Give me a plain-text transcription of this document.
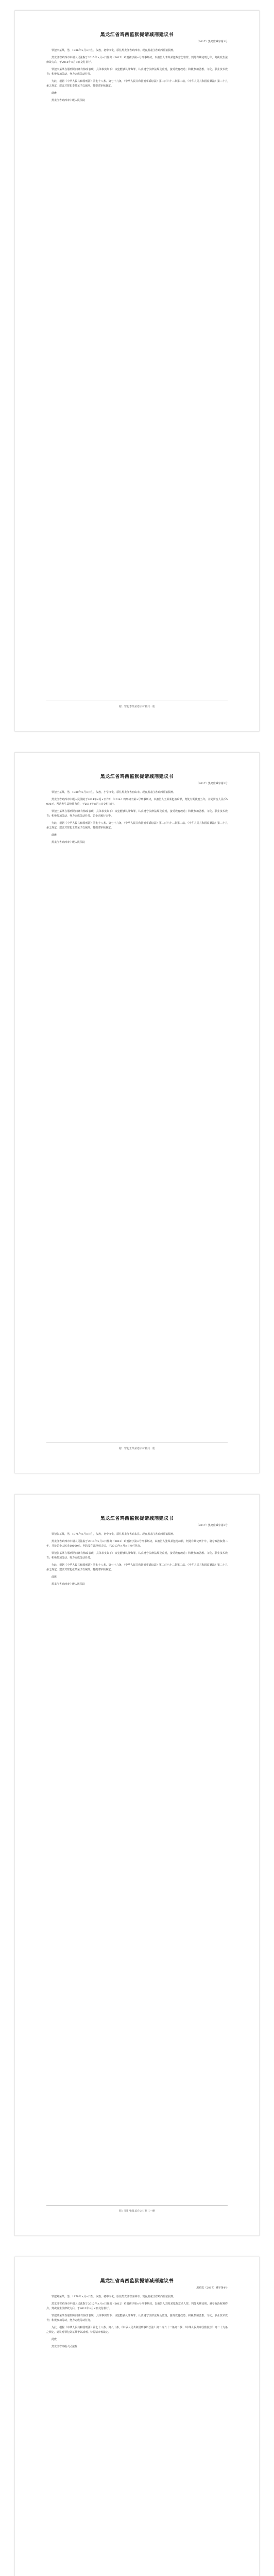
黑龙江省鸡西监狱提请减刑建议书
（2017）黑鸡监减字第1号

罪犯李某某，男，1986年×月×日生，汉族，初中文化，原住黑龙江省鸡西市。现在黑龙江省鸡西监狱服刑。

黑龙江省鸡西市中级人民法院于2015年×月×日作出（2015）鸡刑初字第×号刑事判决，以被告人李某某犯故意伤害罪，判处有期徒刑七年。判决发生法律效力后，于2015年×月×日交付执行。

罪犯李某某在服刑期间确有悔改表现，具体事实如下：该犯能够认罪悔罪，认真遵守法律法规及监规，接受教育改造；积极参加思想、文化、职业技术教育；积极参加劳动，努力完成劳动任务。

为此，根据《中华人民共和国刑法》第七十八条、第七十九条，《中华人民共和国刑事诉讼法》第二百六十二条第二款、《中华人民共和国监狱法》第二十九条之规定，建议对罪犯李某某予以减刑。特提请审核裁定。

此致

黑龙江省鸡西市中级人民法院

附：罪犯李某某卷宗材料共一册
黑龙江省鸡西监狱提请减刑建议书
（2017）黑鸡监减字第2号

罪犯王某某，男，1980年×月×日生，汉族，小学文化，原住黑龙江省密山市。现在黑龙江省鸡西监狱服刑。

黑龙江省鸡西市中级人民法院于2014年×月×日作出（2014）鸡刑初字第×号刑事判决，以被告人王某某犯盗窃罪，判处有期徒刑五年，并处罚金人民币5000元。判决发生法律效力后，于2014年×月×日交付执行。

罪犯王某某在服刑期间确有悔改表现，具体事实如下：该犯能够认罪悔罪，认真遵守法律法规及监规，接受教育改造；积极参加思想、文化、职业技术教育；积极参加劳动，努力完成劳动任务。罚金已履行完毕。

为此，根据《中华人民共和国刑法》第七十八条、第七十九条，《中华人民共和国刑事诉讼法》第二百六十二条第二款、《中华人民共和国监狱法》第二十九条之规定，建议对罪犯王某某予以减刑。特提请审核裁定。

此致

黑龙江省鸡西市中级人民法院

附：罪犯王某某卷宗材料共一册
黑龙江省鸡西监狱提请减刑建议书
（2017）黑鸡监减字第3号

罪犯张某某，男，1975年×月×日生，汉族，初中文化，原住黑龙江省鸡东县。现在黑龙江省鸡西监狱服刑。

黑龙江省鸡西市中级人民法院于2013年×月×日作出（2013）鸡刑初字第×号刑事判决，以被告人张某某犯抢劫罪，判处有期徒刑十年，剥夺政治权利二年，并处罚金人民币10000元。判决发生法律效力后，于2013年×月×日交付执行。

罪犯张某某在服刑期间确有悔改表现，具体事实如下：该犯能够认罪悔罪，认真遵守法律法规及监规，接受教育改造；积极参加思想、文化、职业技术教育；积极参加劳动，努力完成劳动任务。

为此，根据《中华人民共和国刑法》第七十八条、第七十九条，《中华人民共和国刑事诉讼法》第二百六十二条第二款、《中华人民共和国监狱法》第二十九条之规定，建议对罪犯张某某予以减刑。特提请审核裁定。

此致

黑龙江省鸡西市中级人民法院

附：罪犯张某某卷宗材料共一册
黑龙江省鸡西监狱提请减刑建议书
黑鸡监（2017）减字第4号

罪犯刘某某，男，1978年×月×日生，汉族，初中文化，原住黑龙江省虎林市。现在黑龙江省鸡西监狱服刑。

黑龙江省鸡西市中级人民法院于2012年×月×日作出（2012）鸡刑初字第×号刑事判决，以被告人刘某某犯故意杀人罪，判处无期徒刑，剥夺政治权利终身。判决发生法律效力后，于2012年×月×日交付执行。

罪犯刘某某在服刑期间确有悔改表现，具体事实如下：该犯能够认罪悔罪，认真遵守法律法规及监规，接受教育改造；积极参加思想、文化、职业技术教育；积极参加劳动，努力完成劳动任务。

为此，根据《中华人民共和国刑法》第七十八条、第八十条，《中华人民共和国刑事诉讼法》第二百六十二条第二款、《中华人民共和国监狱法》第二十九条之规定，建议对罪犯刘某某予以减刑。特提请审核裁定。

此致

黑龙江省高级人民法院
